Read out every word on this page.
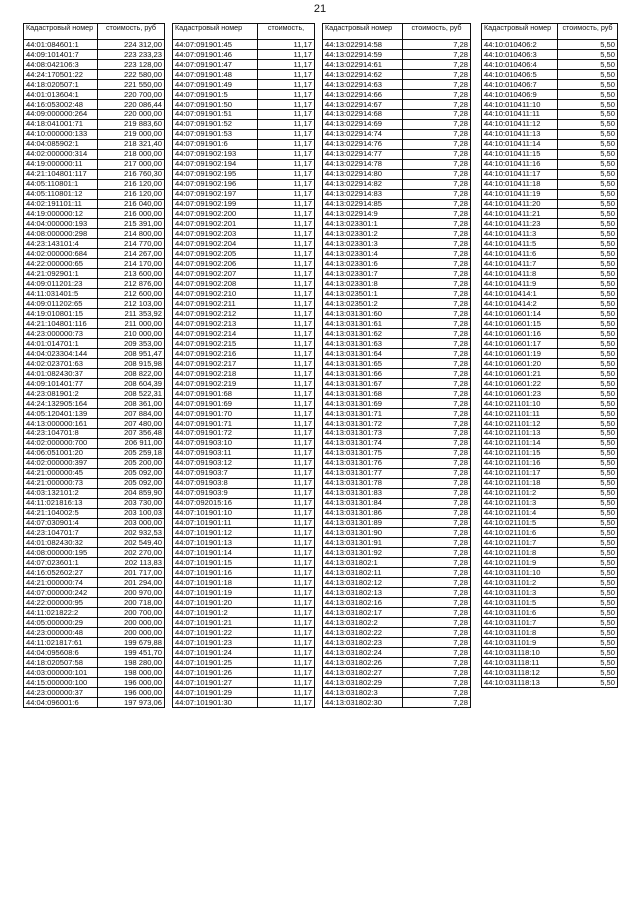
21
Кадастровый номер	стоимость, руб
44:01:084601:1	224 312,00
44:09:101401:7	223 233,23
44:08:042106:3	223 128,00
44:24:170501:22	222 580,00
44:18:020507:1	221 550,00
44:01:013604:1	220 700,00
44:16:053002:48	220 086,44
44:09:000000:264	220 000,00
44:18:041001:71	219 883,60
44:10:000000:133	219 000,00
44:04:085902:1	218 321,40
44:02:000000:314	218 000,00
44:19:000000:11	217 000,00
44:21:104801:117	216 760,30
44:05:110801:1	216 120,00
44:05:110801:12	216 120,00
44:02:191101:11	216 040,00
44:19:000000:12	216 000,00
44:04:000000:193	215 391,00
44:08:000000:298	214 800,00
44:23:143101:4	214 770,00
44:02:000000:684	214 267,00
44:22:000000:65	214 170,00
44:21:092901:1	213 600,00
44:09:011201:23	212 876,00
44:11:031401:5	212 600,00
44:09:011202:65	212 103,00
44:19:010801:15	211 353,92
44:21:104801:116	211 000,00
44:23:000000:73	210 000,00
44:01:014701:1	209 353,00
44:04:023304:144	208 951,47
44:02:023701:63	208 915,98
44:01:082430:37	208 822,00
44:09:101401:77	208 604,39
44:23:081901:2	208 522,31
44:24:132905:164	208 361,00
44:05:120401:139	207 884,00
44:13:000000:161	207 480,00
44:23:104701:8	207 356,48
44:02:000000:700	206 911,00
44:06:051001:20	205 259,18
44:02:000000:397	205 200,00
44:21:000000:45	205 092,00
44:21:000000:73	205 092,00
44:03:132101:2	204 859,90
44:11:021816:13	203 730,00
44:21:104002:5	203 100,03
44:07:030901:4	203 000,00
44:23:104701:7	202 932,53
44:01:082430:32	202 549,40
44:08:000000:195	202 270,00
44:07:023601:1	202 113,83
44:16:052602:27	201 717,00
44:21:000000:74	201 294,00
44:07:000000:242	200 970,00
44:22:000000:95	200 718,00
44:11:021822:2	200 700,00
44:05:000000:29	200 000,00
44:23:000000:48	200 000,00
44:11:021817:61	199 679,88
44:04:095608:6	199 451,70
44:18:020507:58	198 280,00
44:03:000000:101	198 000,00
44:15:000000:100	196 000,00
44:23:000000:37	196 000,00
44:04:096001:6	197 973,06
Кадастровый номер	стоимость,
44:07:091901:45	11,17
44:07:091901:46	11,17
44:07:091901:47	11,17
44:07:091901:48	11,17
44:07:091901:49	11,17
44:07:091901:5	11,17
44:07:091901:50	11,17
44:07:091901:51	11,17
44:07:091901:52	11,17
44:07:091901:53	11,17
44:07:091901:6	11,17
44:07:091902:193	11,17
44:07:091902:194	11,17
44:07:091902:195	11,17
44:07:091902:196	11,17
44:07:091902:197	11,17
44:07:091902:199	11,17
44:07:091902:200	11,17
44:07:091902:201	11,17
44:07:091902:203	11,17
44:07:091902:204	11,17
44:07:091902:205	11,17
44:07:091902:206	11,17
44:07:091902:207	11,17
44:07:091902:208	11,17
44:07:091902:210	11,17
44:07:091902:211	11,17
44:07:091902:212	11,17
44:07:091902:213	11,17
44:07:091902:214	11,17
44:07:091902:215	11,17
44:07:091902:216	11,17
44:07:091902:217	11,17
44:07:091902:218	11,17
44:07:091902:219	11,17
44:07:091901:68	11,17
44:07:091901:69	11,17
44:07:091901:70	11,17
44:07:091901:71	11,17
44:07:091901:72	11,17
44:07:091903:10	11,17
44:07:091903:11	11,17
44:07:091903:12	11,17
44:07:091903:7	11,17
44:07:091903:8	11,17
44:07:091903:9	11,17
44:07:092015:16	11,17
44:07:101901:10	11,17
44:07:101901:11	11,17
44:07:101901:12	11,17
44:07:101901:13	11,17
44:07:101901:14	11,17
44:07:101901:15	11,17
44:07:101901:16	11,17
44:07:101901:18	11,17
44:07:101901:19	11,17
44:07:101901:20	11,17
44:07:101901:2	11,17
44:07:101901:21	11,17
44:07:101901:22	11,17
44:07:101901:23	11,17
44:07:101901:24	11,17
44:07:101901:25	11,17
44:07:101901:26	11,17
44:07:101901:27	11,17
44:07:101901:29	11,17
44:07:101901:30	11,17
Кадастровый номер	стоимость, руб
44:13:022914:58	7,28
44:13:022914:59	7,28
44:13:022914:61	7,28
44:13:022914:62	7,28
44:13:022914:63	7,28
44:13:022914:66	7,28
44:13:022914:67	7,28
44:13:022914:68	7,28
44:13:022914:69	7,28
44:13:022914:74	7,28
44:13:022914:76	7,28
44:13:022914:77	7,28
44:13:022914:78	7,28
44:13:022914:80	7,28
44:13:022914:82	7,28
44:13:022914:83	7,28
44:13:022914:85	7,28
44:13:022914:9	7,28
44:13:023301:1	7,28
44:13:023301:2	7,28
44:13:023301:3	7,28
44:13:023301:4	7,28
44:13:023301:6	7,28
44:13:023301:7	7,28
44:13:023301:8	7,28
44:13:023501:1	7,28
44:13:023501:2	7,28
44:13:031301:60	7,28
44:13:031301:61	7,28
44:13:031301:62	7,28
44:13:031301:63	7,28
44:13:031301:64	7,28
44:13:031301:65	7,28
44:13:031301:66	7,28
44:13:031301:67	7,28
44:13:031301:68	7,28
44:13:031301:69	7,28
44:13:031301:71	7,28
44:13:031301:72	7,28
44:13:031301:73	7,28
44:13:031301:74	7,28
44:13:031301:75	7,28
44:13:031301:76	7,28
44:13:031301:77	7,28
44:13:031301:78	7,28
44:13:031301:83	7,28
44:13:031301:84	7,28
44:13:031301:86	7,28
44:13:031301:89	7,28
44:13:031301:90	7,28
44:13:031301:91	7,28
44:13:031301:92	7,28
44:13:031802:1	7,28
44:13:031802:11	7,28
44:13:031802:12	7,28
44:13:031802:13	7,28
44:13:031802:16	7,28
44:13:031802:17	7,28
44:13:031802:2	7,28
44:13:031802:22	7,28
44:13:031802:23	7,28
44:13:031802:24	7,28
44:13:031802:26	7,28
44:13:031802:27	7,28
44:13:031802:29	7,28
44:13:031802:3	7,28
44:13:031802:30	7,28
Кадастровый номер	стоимость, руб
44:10:010406:2	5,50
44:10:010406:3	5,50
44:10:010406:4	5,50
44:10:010406:5	5,50
44:10:010406:7	5,50
44:10:010406:9	5,50
44:10:010411:10	5,50
44:10:010411:11	5,50
44:10:010411:12	5,50
44:10:010411:13	5,50
44:10:010411:14	5,50
44:10:010411:15	5,50
44:10:010411:16	5,50
44:10:010411:17	5,50
44:10:010411:18	5,50
44:10:010411:19	5,50
44:10:010411:20	5,50
44:10:010411:21	5,50
44:10:010411:23	5,50
44:10:010411:3	5,50
44:10:010411:5	5,50
44:10:010411:6	5,50
44:10:010411:7	5,50
44:10:010411:8	5,50
44:10:010411:9	5,50
44:10:010414:1	5,50
44:10:010414:2	5,50
44:10:010601:14	5,50
44:10:010601:15	5,50
44:10:010601:16	5,50
44:10:010601:17	5,50
44:10:010601:19	5,50
44:10:010601:20	5,50
44:10:010601:21	5,50
44:10:010601:22	5,50
44:10:010601:23	5,50
44:10:021101:10	5,50
44:10:021101:11	5,50
44:10:021101:12	5,50
44:10:021101:13	5,50
44:10:021101:14	5,50
44:10:021101:15	5,50
44:10:021101:16	5,50
44:10:021101:17	5,50
44:10:021101:18	5,50
44:10:021101:2	5,50
44:10:021101:3	5,50
44:10:021101:4	5,50
44:10:021101:5	5,50
44:10:021101:6	5,50
44:10:021101:7	5,50
44:10:021101:8	5,50
44:10:021101:9	5,50
44:10:031101:10	5,50
44:10:031101:2	5,50
44:10:031101:3	5,50
44:10:031101:5	5,50
44:10:031101:6	5,50
44:10:031101:7	5,50
44:10:031101:8	5,50
44:10:031101:9	5,50
44:10:031118:10	5,50
44:10:031118:11	5,50
44:10:031118:12	5,50
44:10:031118:13	5,50
